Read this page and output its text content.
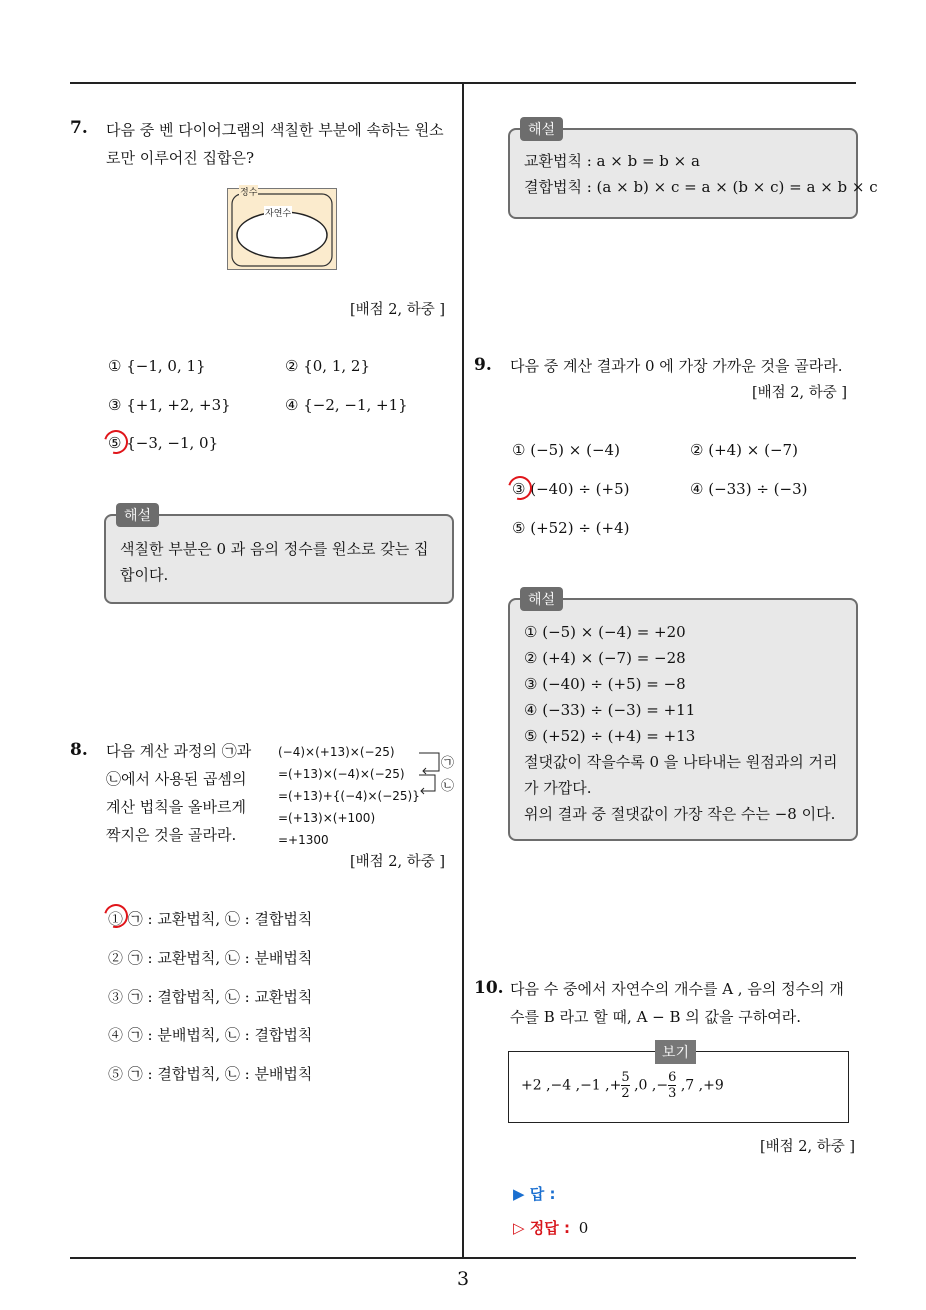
3
7. 다음 중 벤 다이어그램의 색칠한 부분에 속하는 원소
로만 이루어진 집합은?
정수
자연수
[배점 2, 하중 ]
① {−1, 0, 1}	② {0, 1, 2}
③ {+1, +2, +3}	④ {−2, −1, +1}
⑤ {−3, −1, 0}
해설
색칠한 부분은 0 과 음의 정수를 원소로 갖는 집
합이다.
8. 다음 계산 과정의 ㉠과
㉡에서 사용된 곱셈의
계산 법칙을 올바르게
짝지은 것을 골라라.
(−4)×(+13)×(−25)
=(+13)×(−4)×(−25)
=(+13)+{(−4)×(−25)}
=(+13)×(+100)
=+1300
㉠
㉡
[배점 2, 하중 ]
① ㉠ : 교환법칙, ㉡ : 결합법칙
② ㉠ : 교환법칙, ㉡ : 분배법칙
③ ㉠ : 결합법칙, ㉡ : 교환법칙
④ ㉠ : 분배법칙, ㉡ : 결합법칙
⑤ ㉠ : 결합법칙, ㉡ : 분배법칙
해설
교환법칙 : a × b = b × a
결합법칙 : (a × b) × c = a × (b × c) = a × b × c
9. 다음 중 계산 결과가 0 에 가장 가까운 것을 골라라.
[배점 2, 하중 ]
① (−5) × (−4)	② (+4) × (−7)
③ (−40) ÷ (+5)	④ (−33) ÷ (−3)
⑤ (+52) ÷ (+4)
해설
① (−5) × (−4) = +20
② (+4) × (−7) = −28
③ (−40) ÷ (+5) = −8
④ (−33) ÷ (−3) = +11
⑤ (+52) ÷ (+4) = +13
절댓값이 작을수록 0 을 나타내는 원점과의 거리
가 가깝다.
위의 결과 중 절댓값이 가장 작은 수는 −8 이다.
10. 다음 수 중에서 자연수의 개수를 A , 음의 정수의 개
수를 B 라고 할 때, A − B 의 값을 구하여라.
보기
+2 ,−4 ,−1 ,+ $\frac{5}{2} ,0$ ,− $\frac{6}{3} ,7$ ,+9
[배점 2, 하중 ]
▶ 답 :
▷ 정답 : 0
